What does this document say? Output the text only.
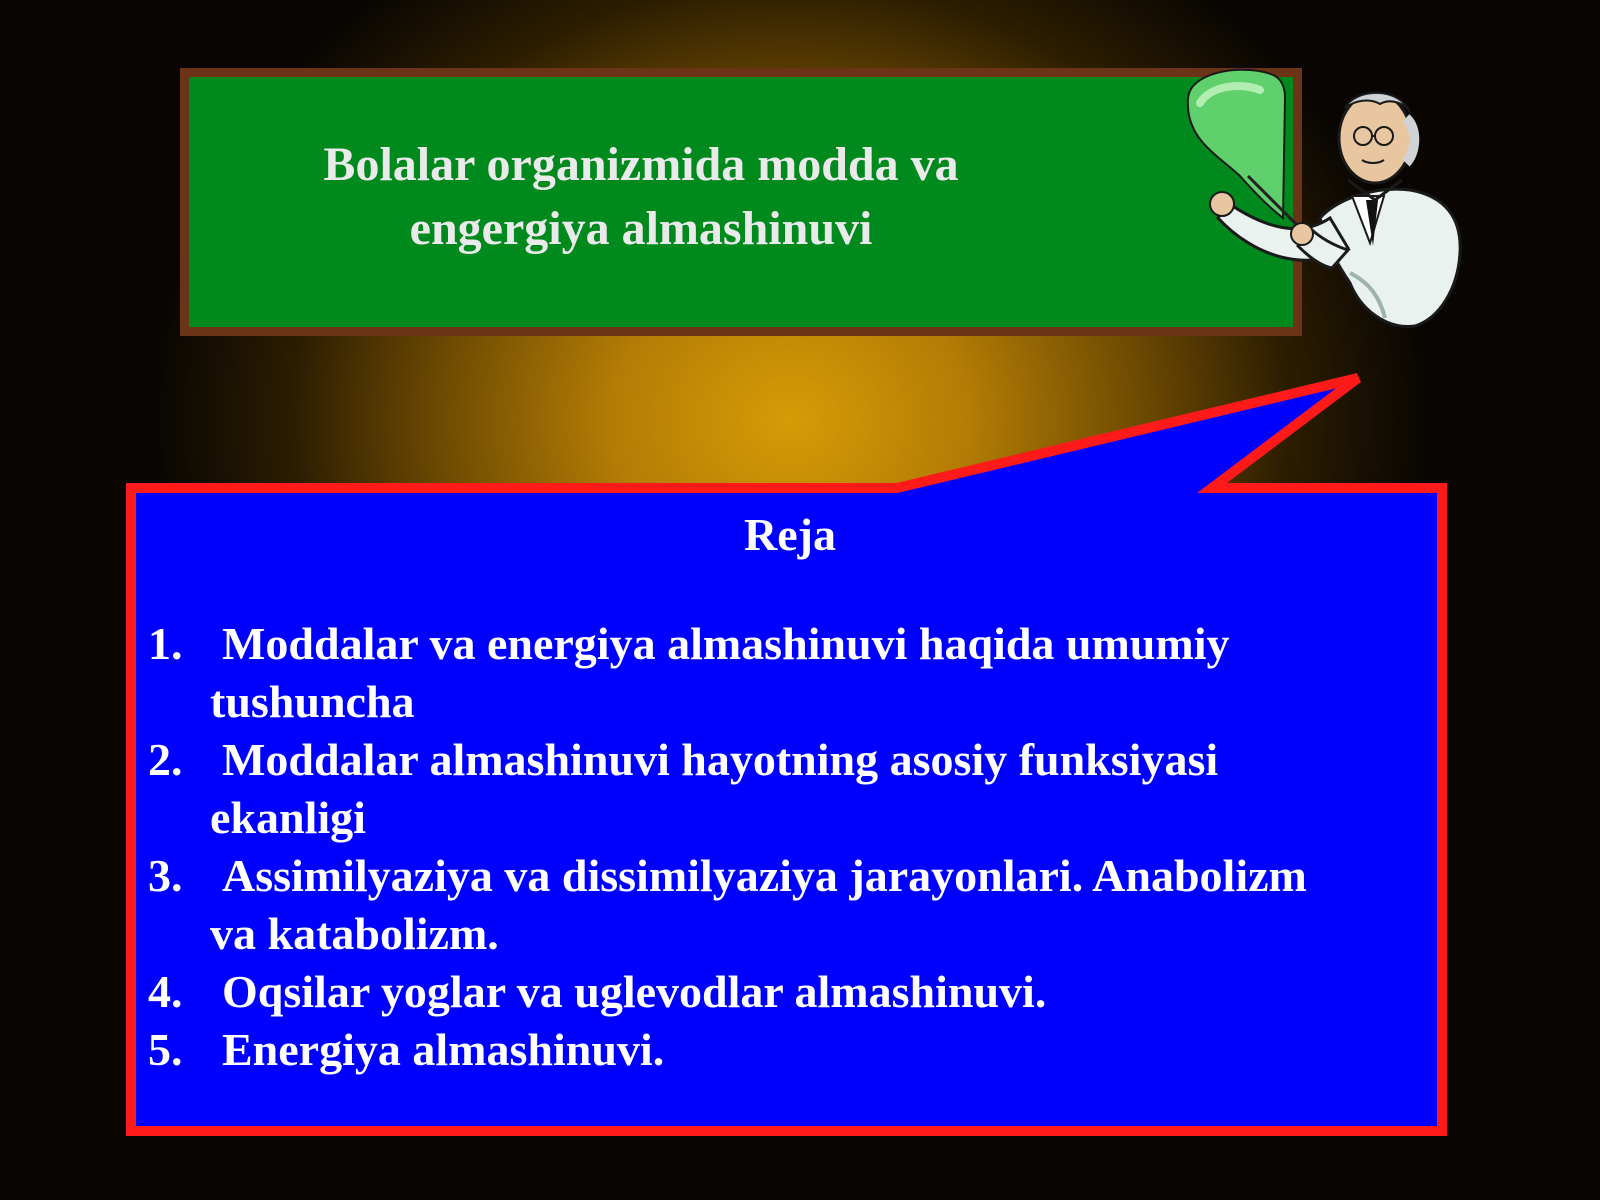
Bolalar organizmida modda va
engergiya almashinuvi
Reja
1. Moddalar va energiya almashinuvi haqida umumiy
tushuncha
2. Moddalar almashinuvi hayotning asosiy funksiyasi
ekanligi
3. Assimilyaziya va dissimilyaziya jarayonlari. Anabolizm
va katabolizm.
4. Oqsilar yoglar va uglevodlar almashinuvi.
5. Energiya almashinuvi.
